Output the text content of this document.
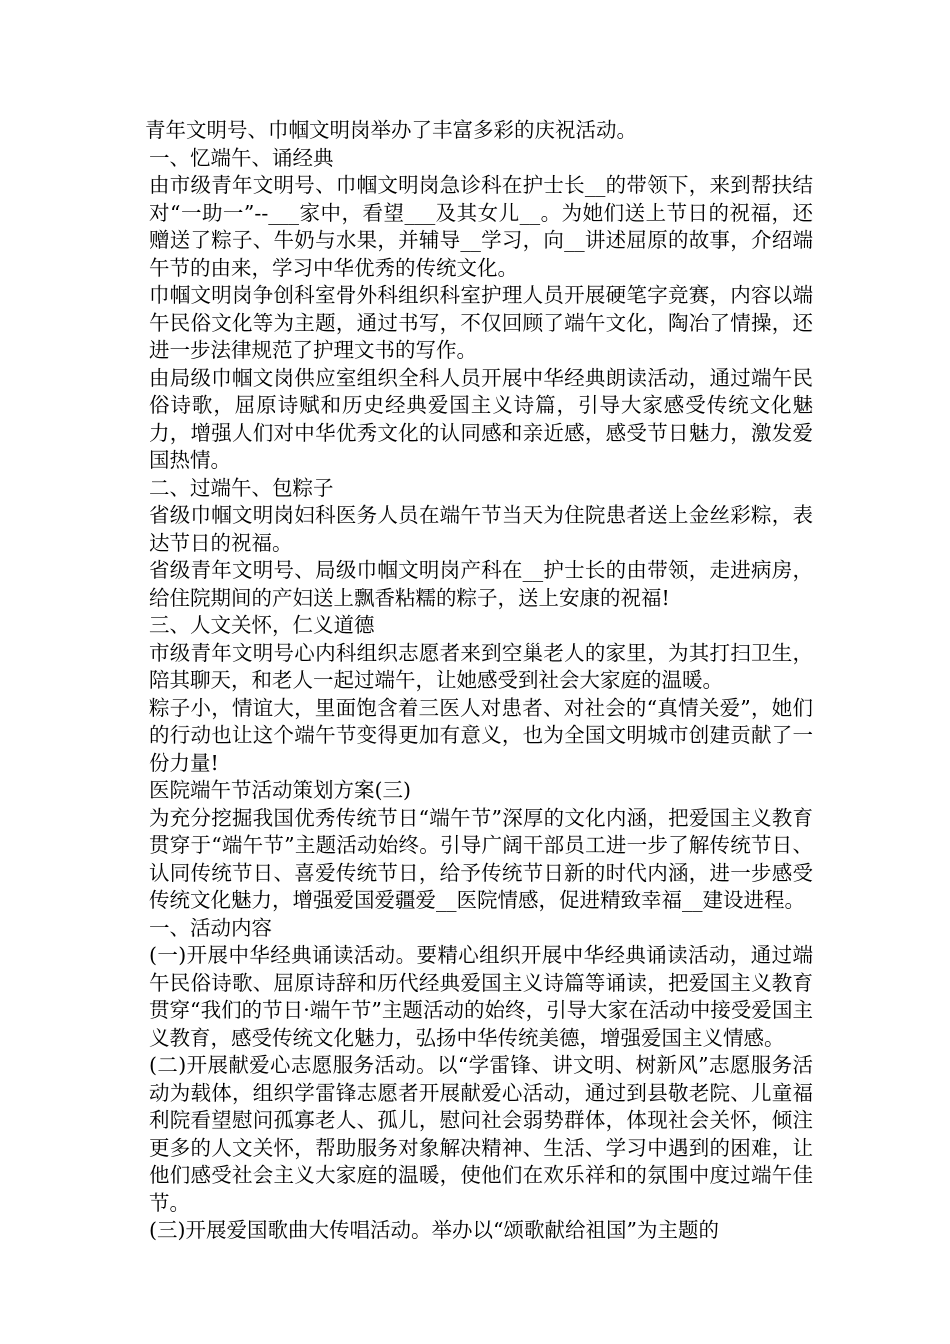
青年文明号、巾帼文明岗举办了丰富多彩的庆祝活动。

一、忆端午、诵经典

由市级青年文明号、巾帼文明岗急诊科在护士长__的带领下，来到帮扶结对“一助一”--___家中，看望___及其女儿__。为她们送上节日的祝福，还赠送了粽子、牛奶与水果，并辅导__学习，向__讲述屈原的故事，介绍端午节的由来，学习中华优秀的传统文化。

巾帼文明岗争创科室骨外科组织科室护理人员开展硬笔字竞赛，内容以端午民俗文化等为主题，通过书写，不仅回顾了端午文化，陶冶了情操，还进一步法律规范了护理文书的写作。

由局级巾帼文岗供应室组织全科人员开展中华经典朗读活动，通过端午民俗诗歌，屈原诗赋和历史经典爱国主义诗篇，引导大家感受传统文化魅力，增强人们对中华优秀文化的认同感和亲近感，感受节日魅力，激发爱国热情。

二、过端午、包粽子

省级巾帼文明岗妇科医务人员在端午节当天为住院患者送上金丝彩粽，表达节日的祝福。

省级青年文明号、局级巾帼文明岗产科在__护士长的由带领，走进病房，给住院期间的产妇送上飘香粘糯的粽子，送上安康的祝福!

三、人文关怀，仁义道德

市级青年文明号心内科组织志愿者来到空巢老人的家里，为其打扫卫生，陪其聊天，和老人一起过端午，让她感受到社会大家庭的温暖。

粽子小，情谊大，里面饱含着三医人对患者、对社会的“真情关爱”，她们的行动也让这个端午节变得更加有意义，也为全国文明城市创建贡献了一份力量!

医院端午节活动策划方案(三)

为充分挖掘我国优秀传统节日“端午节”深厚的文化内涵，把爱国主义教育贯穿于“端午节”主题活动始终。引导广阔干部员工进一步了解传统节日、认同传统节日、喜爱传统节日，给予传统节日新的时代内涵，进一步感受传统文化魅力，增强爱国爱疆爱__医院情感，促进精致幸福__建设进程。

一、活动内容

(一)开展中华经典诵读活动。要精心组织开展中华经典诵读活动，通过端午民俗诗歌、屈原诗辞和历代经典爱国主义诗篇等诵读，把爱国主义教育贯穿“我们的节日·端午节”主题活动的始终，引导大家在活动中接受爱国主义教育，感受传统文化魅力，弘扬中华传统美德，增强爱国主义情感。

(二)开展献爱心志愿服务活动。以“学雷锋、讲文明、树新风”志愿服务活动为载体，组织学雷锋志愿者开展献爱心活动，通过到县敬老院、儿童福利院看望慰问孤寡老人、孤儿，慰问社会弱势群体，体现社会关怀，倾注更多的人文关怀，帮助服务对象解决精神、生活、学习中遇到的困难，让他们感受社会主义大家庭的温暖，使他们在欢乐祥和的氛围中度过端午佳节。

(三)开展爱国歌曲大传唱活动。举办以“颂歌献给祖国”为主题的
